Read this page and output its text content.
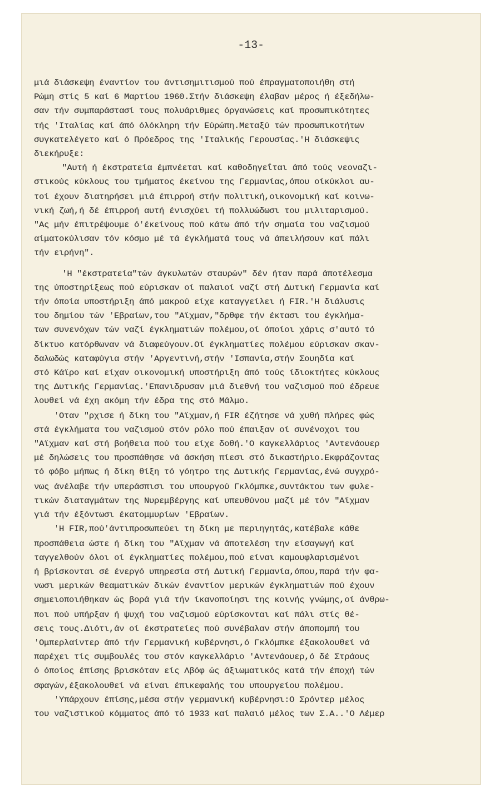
-13-
μιά διάσκεψη έναντίον του άντισημιτισμού πού έπραγματοποιήθη στή
Ρώμη στίς 5 καί 6 Μαρτίου 1960.Στήν διάσκεψη έλαβαν μέρος ή έξεδήλω-
σαν τήν συμπαράστασί τους πολυάριθμες όργανώσεις καί προσωπικότητες
τής 'Ιταλίας καί άπό όλόκληρη τήν Εύρώπη.Μεταξύ τών προσωπικοτήτων
συγκατελέγετο καί ό Πρόεδρος της 'Ιταλικής Γερουσίας.'Η διάσκεψις
διεκήρυξε:
"Αυτή ή έκστρατεία έμπνέεται καί καθοδηγεΐται άπό τούς νεοναζι-
στικούς κύκλους του τμήματος έκείνου της Γερμανίας,όπου οίκύκλοι αυ-
τοί έχουν διατηρήσει μιά έπιρροή στήν πολιτική,οικονομική καί κοινω-
νική ζωή,ή δέ έπιρροή αυτή ένισχύει τή πολλυώδωσι του μιλιταρισμού.
"Ας μήν έπιτρέψουμε ό'έκείνους πού κάτω άπό τήν σημαία του ναζισμού
αίματοκύλισαν τόν κόσμο μέ τά έγκλήματά τους νά άπειλήσουν καί πάλι
τήν ειρήνη".
'Η "έκστρατεία"τών άγκυλωτών σταυρών" δέν ήταν παρά άποτέλεσμα
της ύποστηρίξεως πού εύρισκαν οί παλαιοί ναζί στή Δυτική Γερμανία καί
τήν όποία υποστήριξη άπό μακρού είχε καταγγείλει ή FIR.'Η διάλυσις
του δημίου τών 'Εβραίων,του "Αϊχμαν,"δρθφε τήν έκτασι του έγκλήμα-
των συνενόχων τών ναζί έγκληματιών πολέμου,οί όποίοι χάρις σ'αυτό τό
δίκτυο κατόρθωναν νά διαφεύγουν.Οί έγκληματίες πολέμου εύρισκαν σκαν-
δαλωδώς καταφύγια στήν 'Αργεντινή,στήν 'Ισπανία,στήν Σουηδία καί
στό Κάϊρο καί είχαν οικονομική υποστήριξη άπό τούς ίδιοκτήτες κύκλους
της Δυτικής Γερμανίας.'Επανιδρυσαν μιά διεθνή του ναζισμού πού έδρευε
λουθεί νά έχη ακόμη τήν έδρα της στό Μάλμο.
'Οταν "ρχισε ή δίκη του "Αϊχμαν,ή FIR έζήτησε νά χυθή πλήρες φώς
στά έγκλήματα του ναζισμού στόν ρόλο πού έπαιξαν οί συνένοχοι του
"Αϊχμαν καί στή βοήθεια πού του είχε δοθή.'Ο καγκελλάριος 'Αντενάουερ
μέ δηλώσεις του προσπάθησε νά άσκήση πίεσι στό δικαστήριο.Εκφράζοντας
τό φόβο μήπως ή δίκη θίξη τό γόητρο της Δυτικής Γερμανίας,ένώ συγχρό-
νως άνέλαβε τήν υπεράσπισι του υπουργού Γκλόμπκε,συντάκτου των φυλε-
τικών διαταγμάτων της Νυρεμβέργης καί υπευθύνου μαζί μέ τόν "Αϊχμαν
γιά τήν έξόντωσι έκατομμυρίων 'Εβραίων.
'Η FIR,πού'άντιπροσωπεύει τη δίκη με περιηγητάς,κατέβαλε κάθε
προσπάθεια ώστε ή δίκη του "Αϊχμαν νά άποτελέση την είσαγωγή καί
ταγγελθούν όλοι οί έγκληματίες πολέμου,πού είναι καμουφλαρισμένοι
ή βρίσκονται σέ ένεργό υπηρεσία στή Δυτική Γερμανία,όπου,παρά τήν φα-
νωσι μερικών θεαματικών δικών έναντίον μερικών έγκληματιών πού έχουν
σημειοποιήθηκαν ώς βορά γιά τήν ίκανοποίησι της κοινής γνώμης,οί άνθρω-
ποι πού υπήρξαν ή ψυχή του ναζισμού εύρίσκονται καί πάλι στίς θέ-
σεις τους.Διότι,άν οί έκστρατείες πού συνέβαλαν στήν άποπομπή του
'Ομπερλαίντερ άπό τήν Γερμανική κυβέρνησι,ό Γκλόμπκε έξακολουθεί νά
παρέχει τίς συμβουλές του στόν καγκελλάριο 'Αντενάουερ,ό δέ Στράους
ό όποίος έπίσης βρισκόταν είς Λβόφ ώς άξιωματικός κατά τήν έποχή τών
σφαγών,έξακολουθεί νά είναι έπικεφαλής του υπουργείου πολέμου.
'Υπάρχουν έπίσης,μέσα στήν γερμανική κυβέρνησι:Ο Σρόντερ μέλος
του ναζιστικού κόμματος άπό τό 1933 καί παλαιό μέλος των Σ.Α..'Ο Λέμερ
